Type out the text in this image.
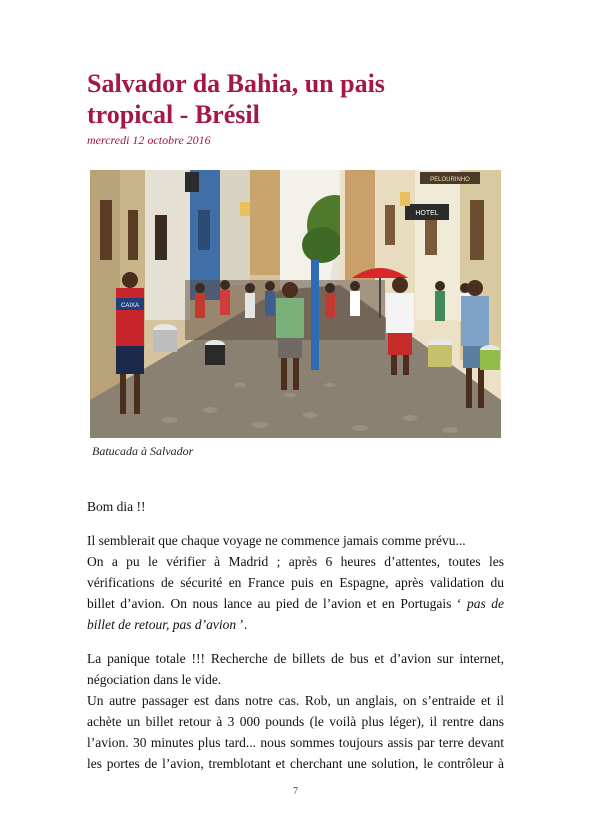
Salvador da Bahia, un pais
tropical - Brésil
mercredi 12 octobre 2016
HOTEL
PELOURINHO
CAIXA
Batucada à Salvador

Bom dia !!

Il semblerait que chaque voyage ne commence jamais comme prévu...
On a pu le vérifier à Madrid ; après 6 heures d’attentes, toutes les
vérifications de sécurité en France puis en Espagne, après validation du
billet d’avion. On nous lance au pied de l’avion et en Portugais ‘ pas de
billet de retour, pas d’avion ’.

La panique totale !!! Recherche de billets de bus et d’avion sur internet,
négociation dans le vide.
Un autre passager est dans notre cas. Rob, un anglais, on s’entraide et il
achète un billet retour à 3 000 pounds (le voilà plus léger), il rentre dans
l’avion. 30 minutes plus tard... nous sommes toujours assis par terre devant
les portes de l’avion, tremblotant et cherchant une solution, le contrôleur à

7
